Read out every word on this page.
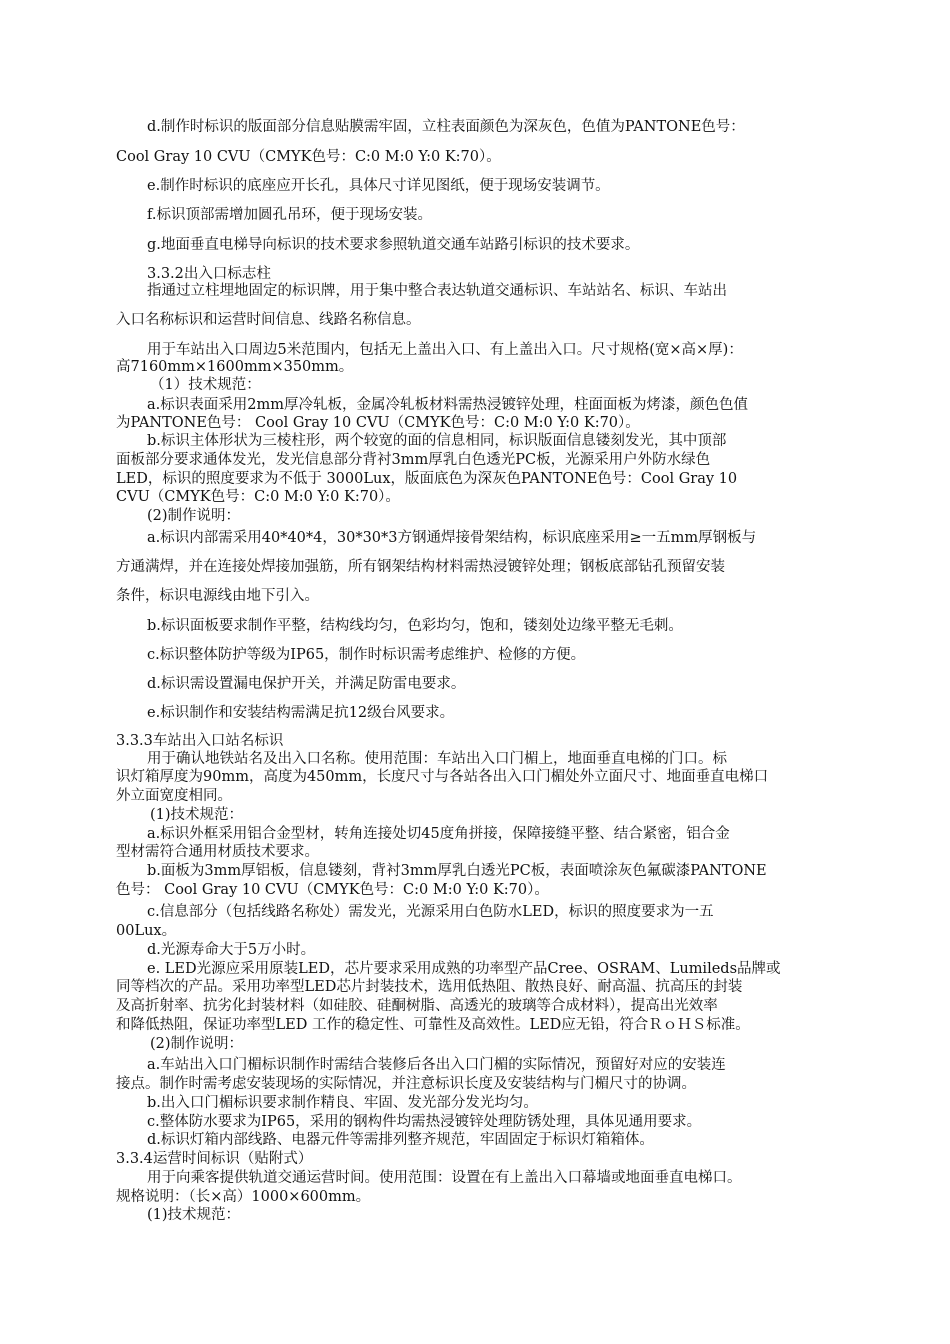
d.制作时标识的版面部分信息贴膜需牢固，立柱表面颜色为深灰色，色值为PANTONE色号：
Cool Gray 10 CVU（CMYK色号：C:0 M:0 Y:0 K:70）。
e.制作时标识的底座应开长孔，具体尺寸详见图纸，便于现场安装调节。
f.标识顶部需增加圆孔吊环，便于现场安装。
g.地面垂直电梯导向标识的技术要求参照轨道交通车站路引标识的技术要求。
3.3.2出入口标志柱
指通过立柱埋地固定的标识牌，用于集中整合表达轨道交通标识、车站站名、标识、车站出
入口名称标识和运营时间信息、线路名称信息。
用于车站出入口周边5米范围内，包括无上盖出入口、有上盖出入口。尺寸规格(宽×高×厚)：
高7160mm×1600mm×350mm。
（1）技术规范：
a.标识表面采用2mm厚冷轧板，金属冷轧板材料需热浸镀锌处理，柱面面板为烤漆，颜色色值
为PANTONE色号： Cool Gray 10 CVU（CMYK色号：C:0 M:0 Y:0 K:70）。
b.标识主体形状为三棱柱形，两个较宽的面的信息相同，标识版面信息镂刻发光，其中顶部
面板部分要求通体发光，发光信息部分背衬3mm厚乳白色透光PC板，光源采用户外防水绿色
LED，标识的照度要求为不低于 3000Lux，版面底色为深灰色PANTONE色号：Cool Gray 10
CVU（CMYK色号：C:0 M:0 Y:0 K:70）。
(2)制作说明：
a.标识内部需采用40*40*4，30*30*3方钢通焊接骨架结构，标识底座采用≥一五mm厚钢板与
方通满焊，并在连接处焊接加强筋，所有钢架结构材料需热浸镀锌处理；钢板底部钻孔预留安装
条件，标识电源线由地下引入。
b.标识面板要求制作平整，结构线均匀，色彩均匀，饱和，镂刻处边缘平整无毛刺。
c.标识整体防护等级为IP65，制作时标识需考虑维护、检修的方便。
d.标识需设置漏电保护开关，并满足防雷电要求。
e.标识制作和安装结构需满足抗12级台风要求。
3.3.3车站出入口站名标识
用于确认地铁站名及出入口名称。使用范围：车站出入口门楣上，地面垂直电梯的门口。标
识灯箱厚度为90mm，高度为450mm，长度尺寸与各站各出入口门楣处外立面尺寸、地面垂直电梯口
外立面宽度相同。
(1)技术规范：
a.标识外框采用铝合金型材，转角连接处切45度角拼接，保障接缝平整、结合紧密，铝合金
型材需符合通用材质技术要求。
b.面板为3mm厚铝板，信息镂刻，背衬3mm厚乳白透光PC板，表面喷涂灰色氟碳漆PANTONE
色号： Cool Gray 10 CVU（CMYK色号：C:0 M:0 Y:0 K:70）。
c.信息部分（包括线路名称处）需发光，光源采用白色防水LED，标识的照度要求为一五
00Lux。
d.光源寿命大于5万小时。
e. LED光源应采用原装LED，芯片要求采用成熟的功率型产品Cree、OSRAM、Lumileds品牌或
同等档次的产品。采用功率型LED芯片封装技术，选用低热阻、散热良好、耐高温、抗高压的封装
及高折射率、抗劣化封装材料（如硅胶、硅酮树脂、高透光的玻璃等合成材料），提高出光效率
和降低热阻，保证功率型LED 工作的稳定性、可靠性及高效性。LED应无铅，符合ＲｏＨＳ标准。
(2)制作说明：
a.车站出入口门楣标识制作时需结合装修后各出入口门楣的实际情况，预留好对应的安装连
接点。制作时需考虑安装现场的实际情况，并注意标识长度及安装结构与门楣尺寸的协调。
b.出入口门楣标识要求制作精良、牢固、发光部分发光均匀。
c.整体防水要求为IP65，采用的钢构件均需热浸镀锌处理防锈处理，具体见通用要求。
d.标识灯箱内部线路、电器元件等需排列整齐规范，牢固固定于标识灯箱箱体。
3.3.4运营时间标识（贴附式）
用于向乘客提供轨道交通运营时间。使用范围：设置在有上盖出入口幕墙或地面垂直电梯口。
规格说明：（长×高）1000×600mm。
(1)技术规范：
